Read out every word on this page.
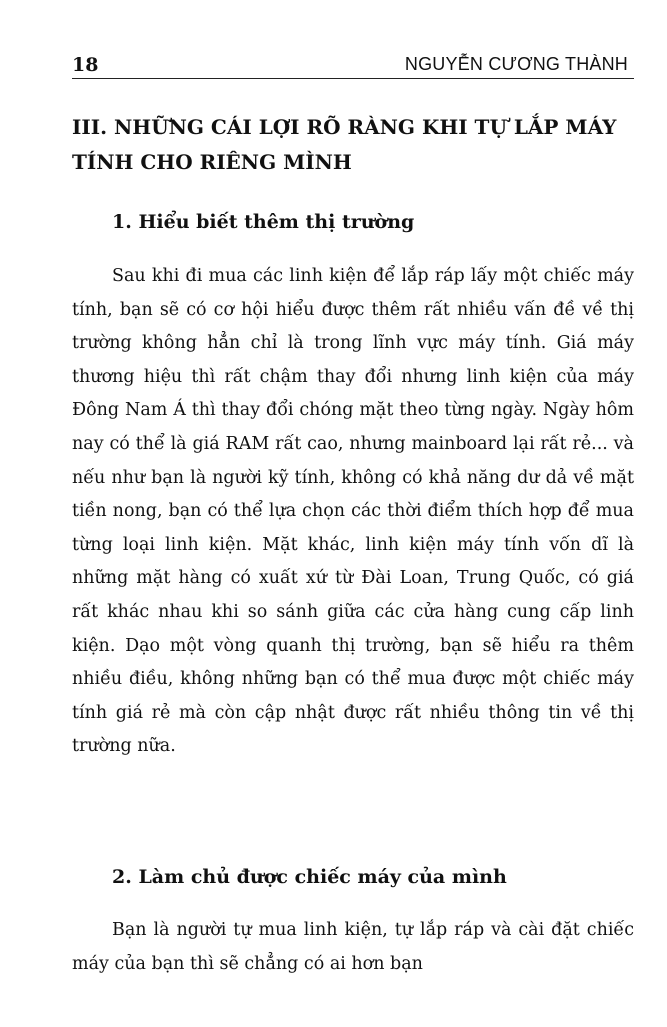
18	NGUYỄN CƯƠNG THÀNH
III. NHỮNG CÁI LỢI RÕ RÀNG KHI TỰ LẮP MÁY TÍNH CHO RIÊNG MÌNH
1. Hiểu biết thêm thị trường

Sau khi đi mua các linh kiện để lắp ráp lấy một chiếc máy tính, bạn sẽ có cơ hội hiểu được thêm rất nhiều vấn đề về thị trường không hẳn chỉ là trong lĩnh vực máy tính. Giá máy thương hiệu thì rất chậm thay đổi nhưng linh kiện của máy Đông Nam Á thì thay đổi chóng mặt theo từng ngày. Ngày hôm nay có thể là giá RAM rất cao, nhưng mainboard lại rất rẻ... và nếu như bạn là người kỹ tính, không có khả năng dư dả về mặt tiền nong, bạn có thể lựa chọn các thời điểm thích hợp để mua từng loại linh kiện. Mặt khác, linh kiện máy tính vốn dĩ là những mặt hàng có xuất xứ từ Đài Loan, Trung Quốc, có giá rất khác nhau khi so sánh giữa các cửa hàng cung cấp linh kiện. Dạo một vòng quanh thị trường, bạn sẽ hiểu ra thêm nhiều điều, không những bạn có thể mua được một chiếc máy tính giá rẻ mà còn cập nhật được rất nhiều thông tin về thị trường nữa.

2. Làm chủ được chiếc máy của mình

Bạn là người tự mua linh kiện, tự lắp ráp và cài đặt chiếc máy của bạn thì sẽ chẳng có ai hơn bạn
